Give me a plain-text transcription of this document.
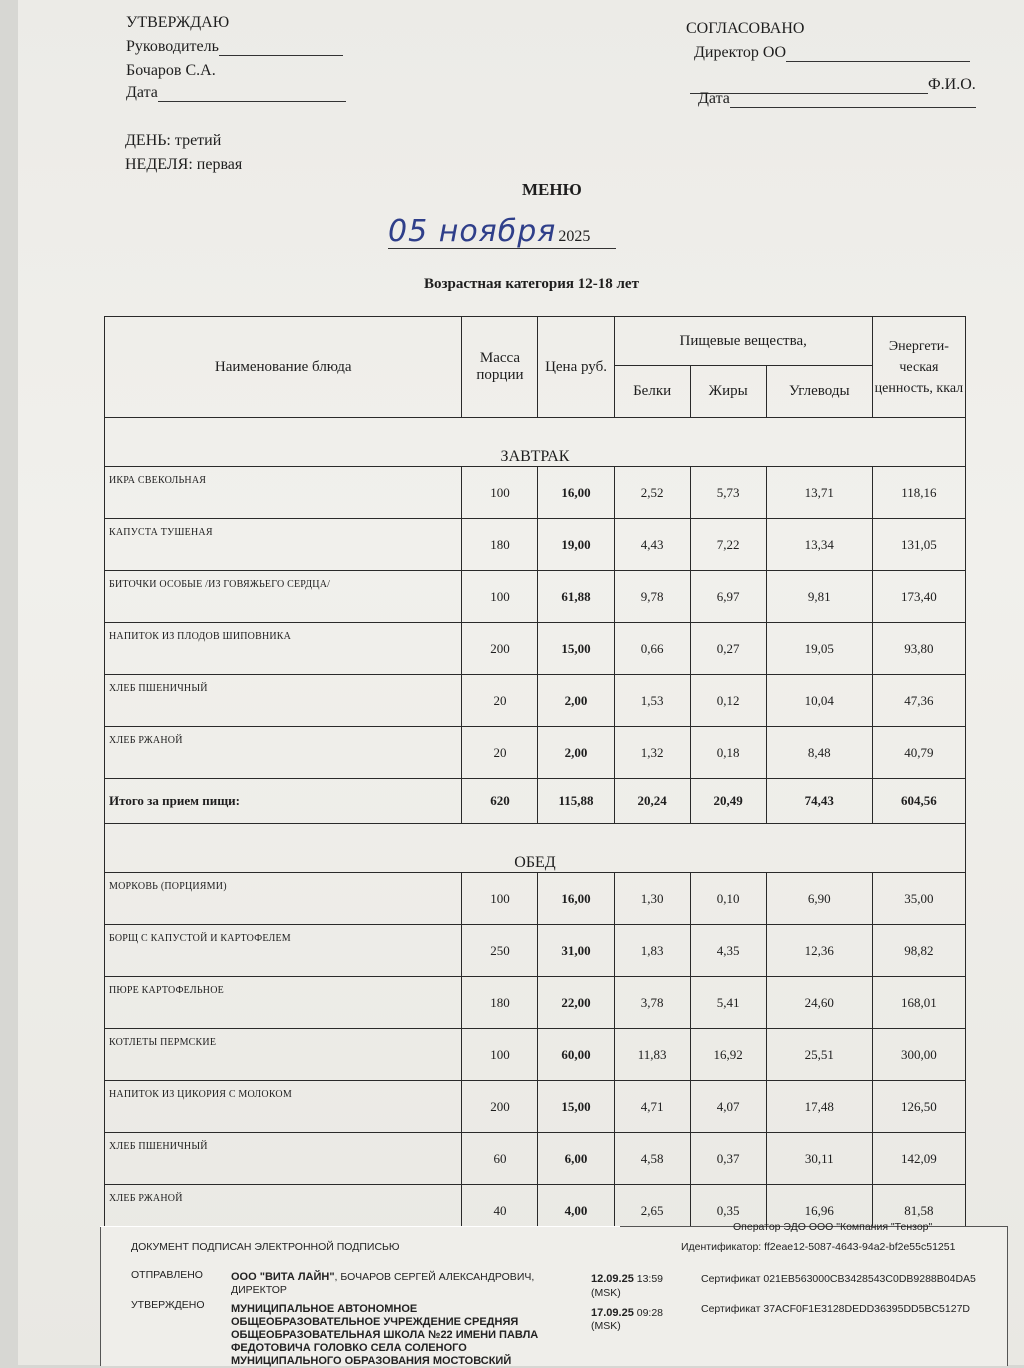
УТВЕРЖДАЮ
Руководитель
Бочаров С.А.
Дата
СОГЛАСОВАНО
Директор ОО
Ф.И.О.
Дата
ДЕНЬ: третий
НЕДЕЛЯ: первая
МЕНЮ
05 ноября 2025
Возрастная категория 12-18 лет
Наименование блюда	Масса порции	Цена руб.	Пищевые вещества,			Энергети-ческая ценность, ккал
			Белки	Жиры	Углеводы	
ЗАВТРАК						
ИКРА СВЕКОЛЬНАЯ	100	16,00	2,52	5,73	13,71	118,16
КАПУСТА ТУШЕНАЯ	180	19,00	4,43	7,22	13,34	131,05
БИТОЧКИ ОСОБЫЕ /ИЗ ГОВЯЖЬЕГО СЕРДЦА/	100	61,88	9,78	6,97	9,81	173,40
НАПИТОК ИЗ ПЛОДОВ ШИПОВНИКА	200	15,00	0,66	0,27	19,05	93,80
ХЛЕБ ПШЕНИЧНЫЙ	20	2,00	1,53	0,12	10,04	47,36
ХЛЕБ РЖАНОЙ	20	2,00	1,32	0,18	8,48	40,79
Итого за прием пищи:	620	115,88	20,24	20,49	74,43	604,56
ОБЕД						
МОРКОВЬ (ПОРЦИЯМИ)	100	16,00	1,30	0,10	6,90	35,00
БОРЩ С КАПУСТОЙ И КАРТОФЕЛЕМ	250	31,00	1,83	4,35	12,36	98,82
ПЮРЕ КАРТОФЕЛЬНОЕ	180	22,00	3,78	5,41	24,60	168,01
КОТЛЕТЫ ПЕРМСКИЕ	100	60,00	11,83	16,92	25,51	300,00
НАПИТОК ИЗ ЦИКОРИЯ С МОЛОКОМ	200	15,00	4,71	4,07	17,48	126,50
ХЛЕБ ПШЕНИЧНЫЙ	60	6,00	4,58	0,37	30,11	142,09
ХЛЕБ РЖАНОЙ	40	4,00	2,65	0,35	16,96	81,58

Оператор ЭДО ООО "Компания "Тензор"
ДОКУМЕНТ ПОДПИСАН ЭЛЕКТРОННОЙ ПОДПИСЬЮ	Идентификатор: ff2eae12-5087-4643-94a2-bf2e55c51251
ОТПРАВЛЕНО	ООО "ВИТА ЛАЙН", БОЧАРОВ СЕРГЕЙ АЛЕКСАНДРОВИЧ,
ДИРЕКТОР
12.09.25 13:59
(MSK)
Сертификат 021EB563000CB3428543C0DB9288B04DA5
УТВЕРЖДЕНО МУНИЦИПАЛЬНОЕ АВТОНОМНОЕ
ОБЩЕОБРАЗОВАТЕЛЬНОЕ УЧРЕЖДЕНИЕ СРЕДНЯЯ
ОБЩЕОБРАЗОВАТЕЛЬНАЯ ШКОЛА №22 ИМЕНИ ПАВЛА
ФЕДОТОВИЧА ГОЛОВКО СЕЛА СОЛЕНОГО
МУНИЦИПАЛЬНОГО ОБРАЗОВАНИЯ МОСТОВСКИЙ
17.09.25 09:28
(MSK)
Сертификат 37ACF0F1E3128DEDD36395DD5BC5127D
